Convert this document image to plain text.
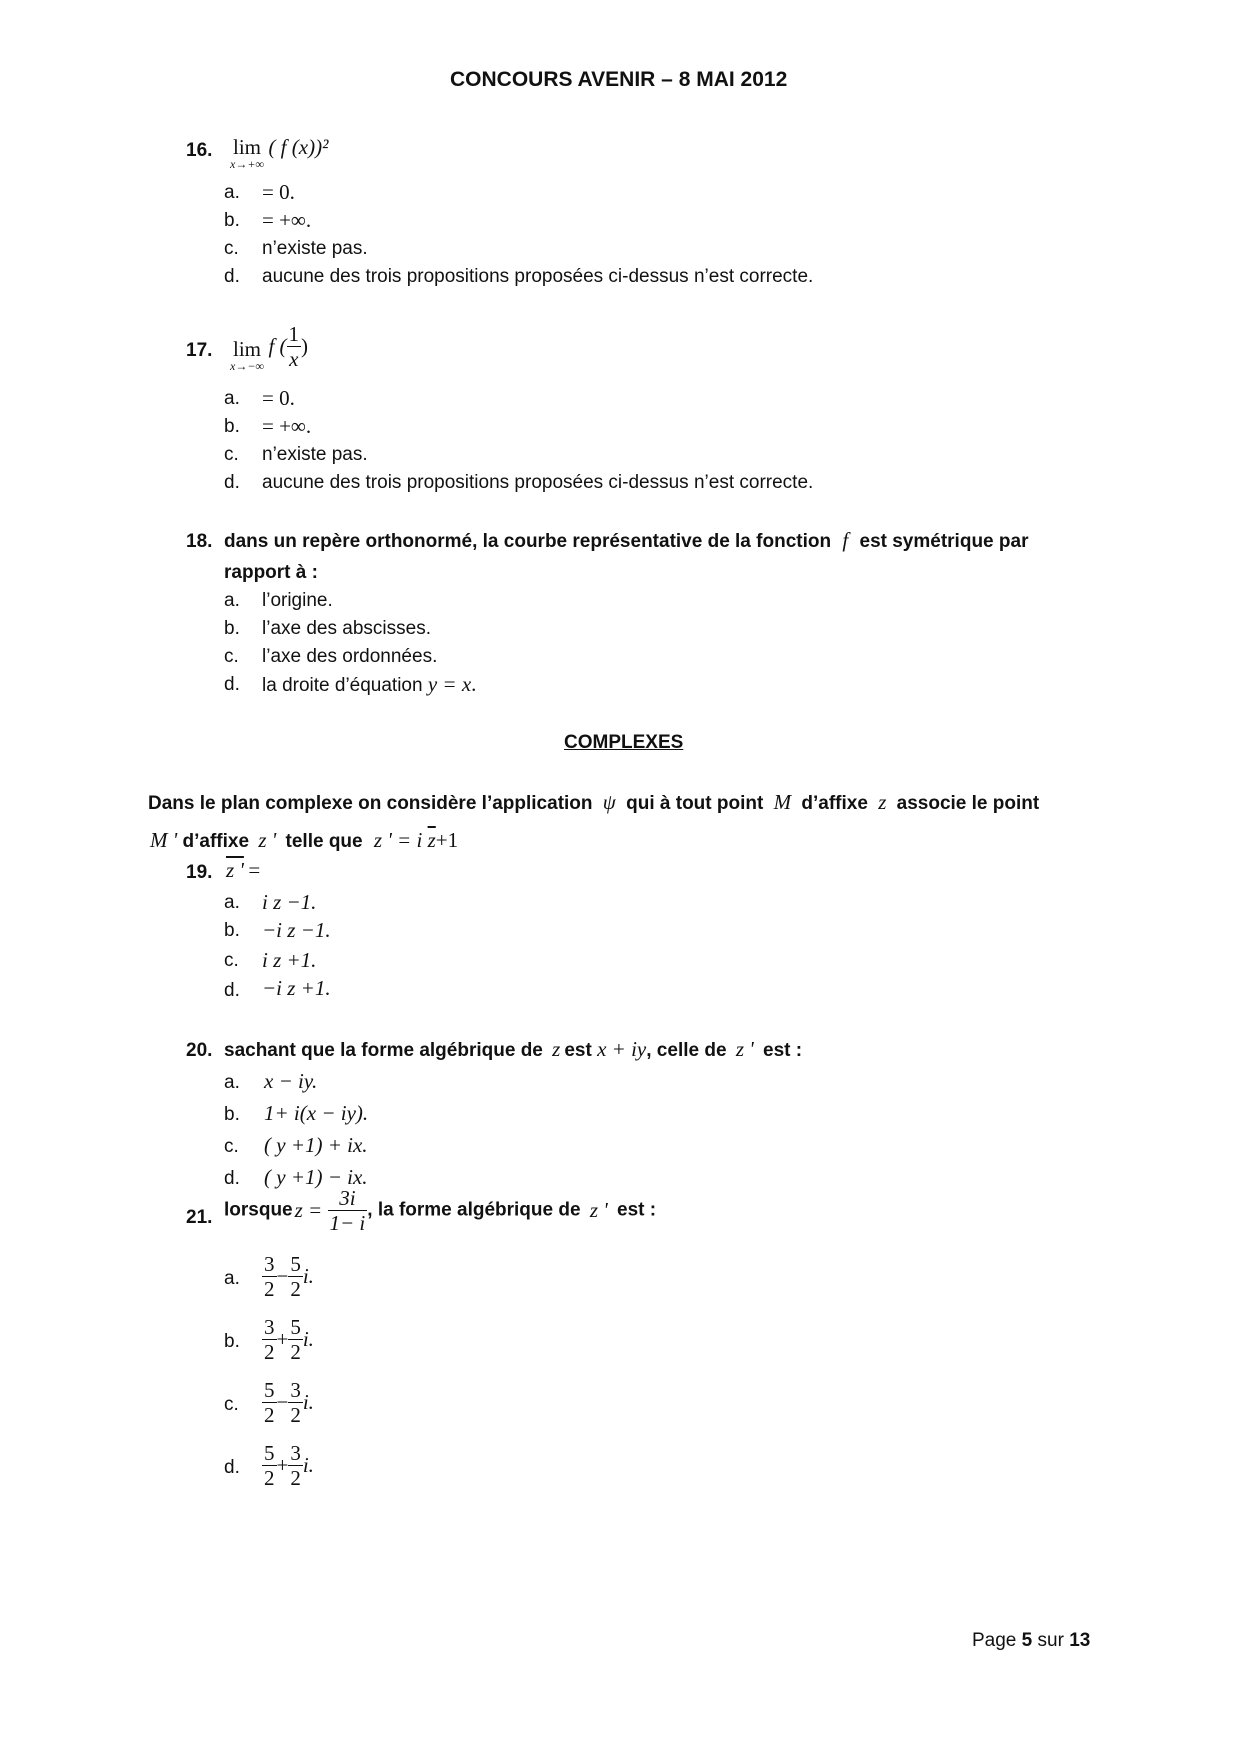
CONCOURS AVENIR – 8 MAI 2012
16. lim
x→+∞
( f (x))²
a. = 0.
b. = +∞.
c. n’existe pas.
d. aucune des trois propositions proposées ci-dessus n’est correcte.
17. lim
x→−∞
f ( $\frac{1}{x}$ )
a. = 0.
b. = +∞.
c. n’existe pas.
d. aucune des trois propositions proposées ci-dessus n’est correcte.
18. dans un repère orthonormé, la courbe représentative de la fonction f est symétrique par
rapport à :
a. l’origine.
b. l’axe des abscisses.
c. l’axe des ordonnées.
d. la droite d’équation y = x.
COMPLEXES
Dans le plan complexe on considère l’application ψ qui à tout point M d’affixe z associe le point
M ' d’affixe z ' telle que z ' = i $\overline{z}+1$
19. z ' =
a. i z −1.
b. −i z −1.
c. i z +1.
d. −i z +1.
20. sachant que la forme algébrique de z est x + iy, celle de z ' est :
a. x − iy.
b. 1+ i(x − iy).
c. ( y +1) + ix.
d. ( y +1) − ix.
21. lorsquez = $\frac{3i}{1- i}$ , la forme algébrique de z ' est :
a. $\frac{3}{2} - \frac{5}{2} i$.
b. $\frac{3}{2} + \frac{5}{2} i$.
c. $\frac{5}{2} - \frac{3}{2} i$.
d. $\frac{5}{2} + \frac{3}{2} i$.
Page 5 sur 13
